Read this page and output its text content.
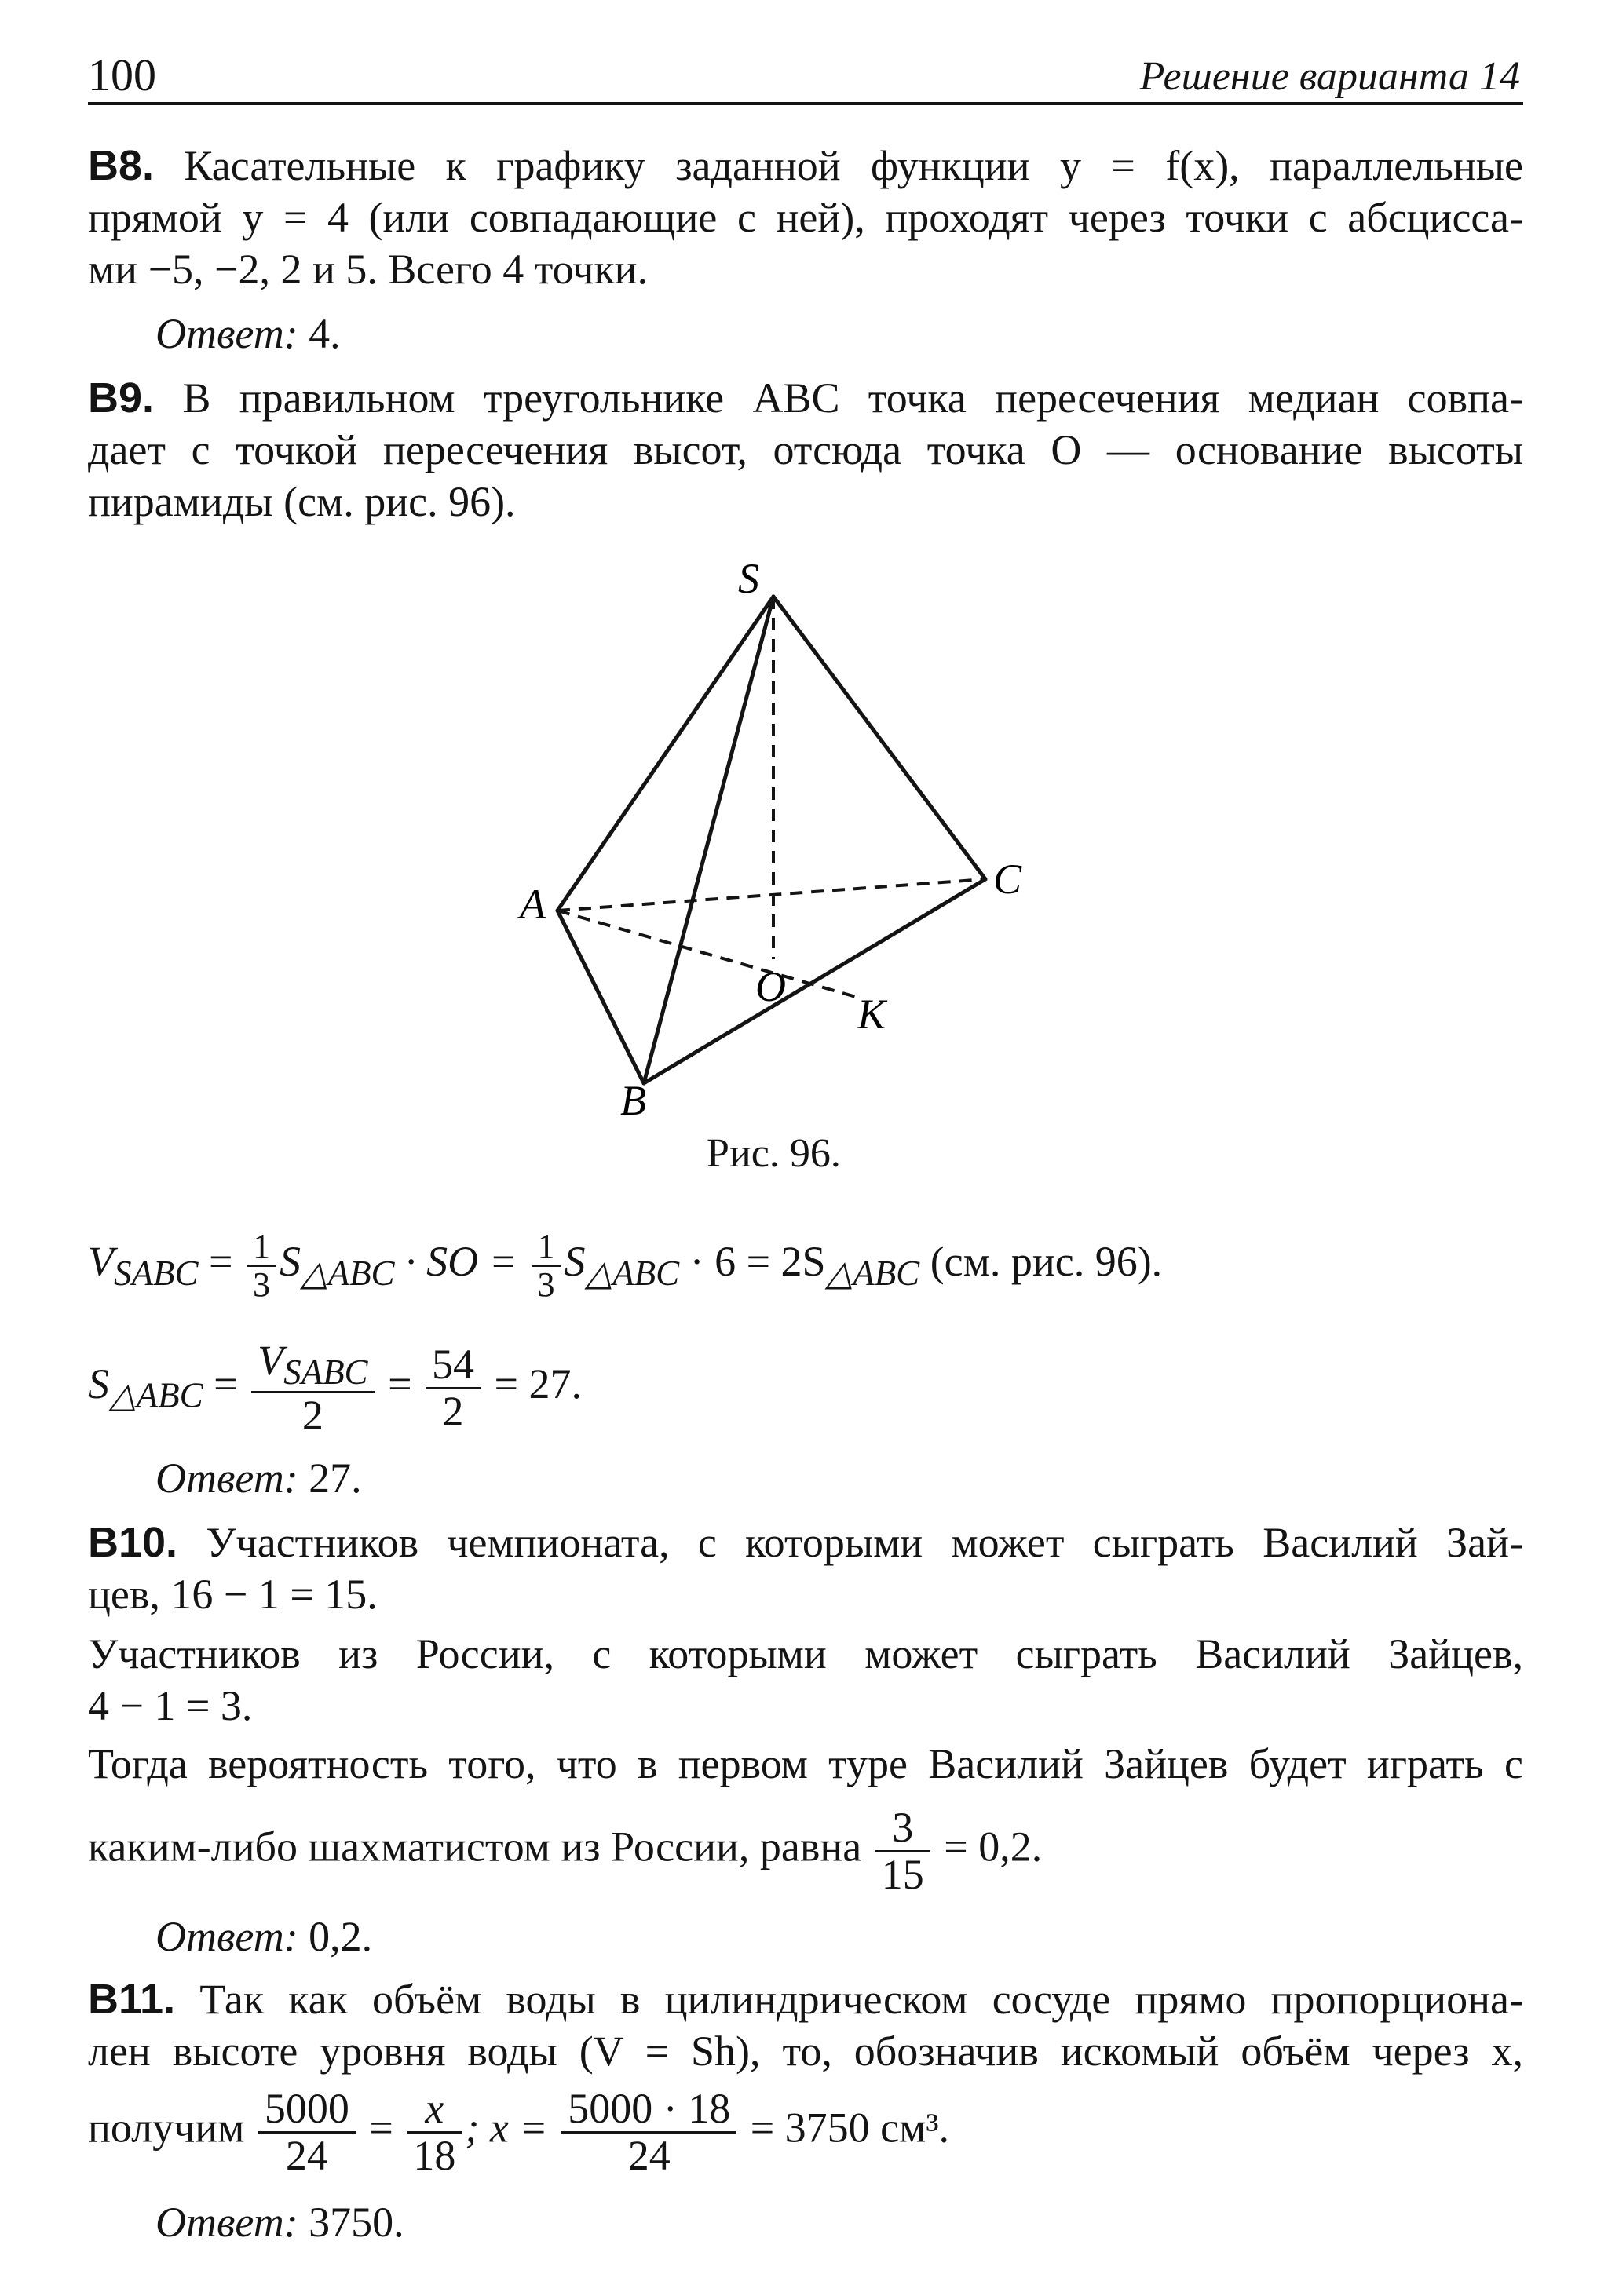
100	Решение варианта 14
B8. Касательные к графику заданной функции y = f(x), параллельные
прямой y = 4 (или совпадающие с ней), проходят через точки с абсцисса-
ми −5, −2, 2 и 5. Всего 4 точки.
Ответ: 4.
B9. В правильном треугольнике ABC точка пересечения медиан совпа-
дает с точкой пересечения высот, отсюда точка O — основание высоты
пирамиды (см. рис. 96).
S
A
B
C
O
K
Рис. 96.
$V_{SABC} = \frac{1}{3} S_{\triangle ABC}$ · SO = $\frac{1}{3} S_{\triangle ABC} \cdot 6 = 2S_{\triangle ABC}$ (см. рис. 96).
$S_{\triangle ABC} = \frac{V_{SABC}}{2} = \frac{54}{2} = 27$.
Ответ: 27.
B10. Участников чемпионата, с которыми может сыграть Василий Зай-
цев, 16 − 1 = 15.
Участников из России, с которыми может сыграть Василий Зайцев,
4 − 1 = 3.
Тогда вероятность того, что в первом туре Василий Зайцев будет играть с
каким-либо шахматистом из России, равна $\frac{3}{15} = 0,2$.
Ответ: 0,2.
B11. Так как объём воды в цилиндрическом сосуде прямо пропорциона-
лен высоте уровня воды (V = Sh), то, обозначив искомый объём через x,
получим $\frac{5000}{24} = \frac{x}{18}$ ; $x = \frac{5000 \cdot 18}{24} = 3750$ см³.
Ответ: 3750.
